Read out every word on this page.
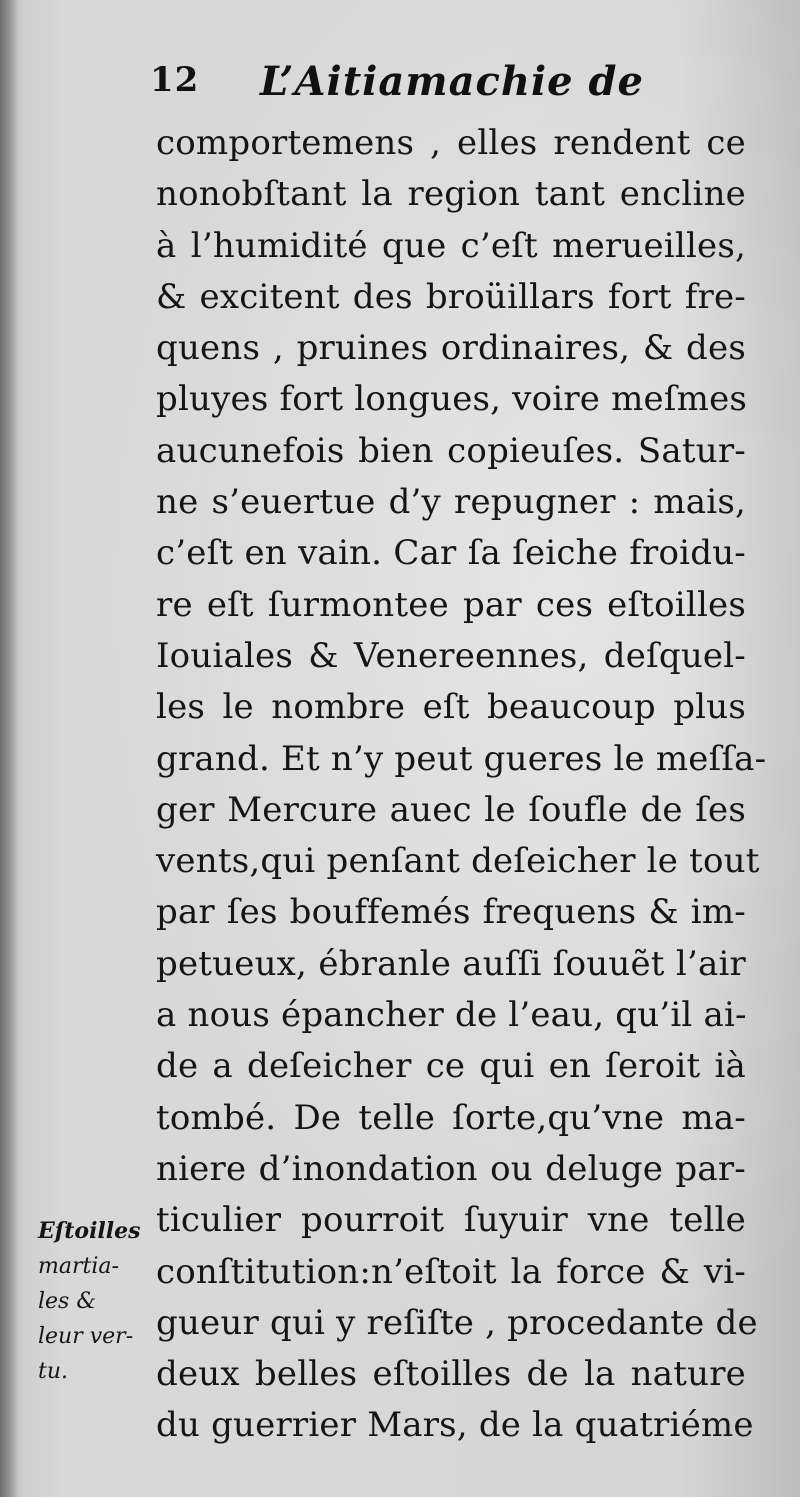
12 L’Aitiamachie de
comportemens , elles rendent ce
nonobſtant la region tant encline
à l’humidité que c’eſt merueilles,
& excitent des broüillars fort fre-
quens , pruines ordinaires, & des
pluyes fort longues, voire meſmes
aucunefois bien copieuſes. Satur-
ne s’euertue d’y repugner : mais,
c’eſt en vain. Car ſa ſeiche froidu-
re eſt ſurmontee par ces eſtoilles
Iouiales & Venereennes, deſquel-
les le nombre eſt beaucoup plus
grand. Et n’y peut gueres le meſſa-
ger Mercure auec le ſoufle de ſes
vents,qui penſant deſeicher le tout
par ſes bouffemés frequens & im-
petueux, ébranle auſſi ſouuẽt l’air
a nous épancher de l’eau, qu’il ai-
de a deſeicher ce qui en ſeroit ià
tombé. De telle ſorte,qu’vne ma-
niere d’inondation ou deluge par-
ticulier pourroit ſuyuir vne telle
conſtitution:n’eſtoit la force & vi-
gueur qui y reſiſte , procedante de
deux belles eſtoilles de la nature
du guerrier Mars, de la quatriéme
Eſtoilles
martia-
les &
leur ver-
tu.
